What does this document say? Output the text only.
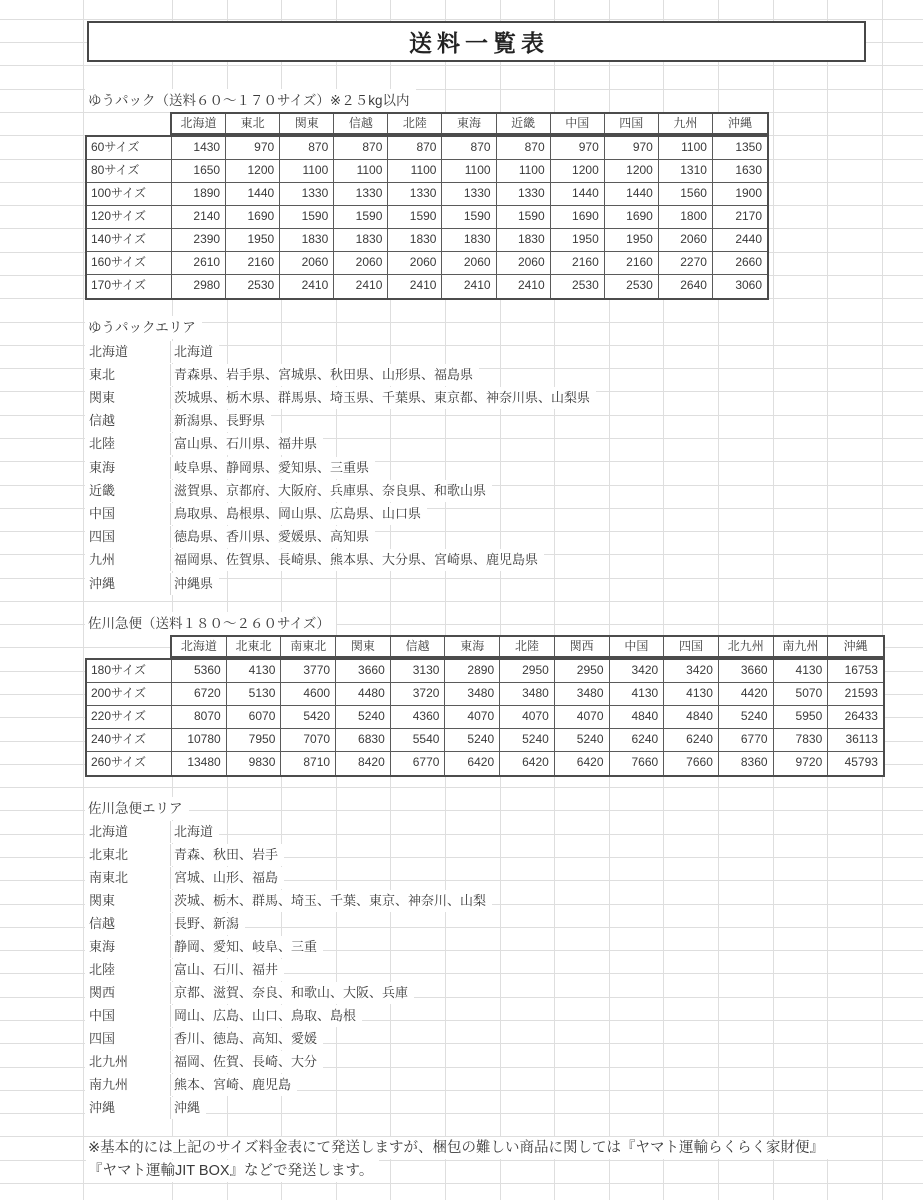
送料一覧表
ゆうパック（送料６０～１７０サイズ）※２５kg以内
北海道	東北	関東	信越	北陸	東海	近畿	中国	四国	九州	沖縄
60サイズ	1430	970	870	870	870	870	870	970	970	1100	1350
80サイズ	1650	1200	1100	1100	1100	1100	1100	1200	1200	1310	1630
100サイズ	1890	1440	1330	1330	1330	1330	1330	1440	1440	1560	1900
120サイズ	2140	1690	1590	1590	1590	1590	1590	1690	1690	1800	2170
140サイズ	2390	1950	1830	1830	1830	1830	1830	1950	1950	2060	2440
160サイズ	2610	2160	2060	2060	2060	2060	2060	2160	2160	2270	2660
170サイズ	2980	2530	2410	2410	2410	2410	2410	2530	2530	2640	3060
ゆうパックエリア
北海道	北海道
東北	青森県、岩手県、宮城県、秋田県、山形県、福島県
関東	茨城県、栃木県、群馬県、埼玉県、千葉県、東京都、神奈川県、山梨県
信越	新潟県、長野県
北陸	富山県、石川県、福井県
東海	岐阜県、静岡県、愛知県、三重県
近畿	滋賀県、京都府、大阪府、兵庫県、奈良県、和歌山県
中国	鳥取県、島根県、岡山県、広島県、山口県
四国	徳島県、香川県、愛媛県、高知県
九州	福岡県、佐賀県、長崎県、熊本県、大分県、宮崎県、鹿児島県
沖縄	沖縄県
佐川急便（送料１８０～２６０サイズ）
北海道	北東北	南東北	関東	信越	東海	北陸	関西	中国	四国	北九州	南九州	沖縄
180サイズ	5360	4130	3770	3660	3130	2890	2950	2950	3420	3420	3660	4130	16753
200サイズ	6720	5130	4600	4480	3720	3480	3480	3480	4130	4130	4420	5070	21593
220サイズ	8070	6070	5420	5240	4360	4070	4070	4070	4840	4840	5240	5950	26433
240サイズ	10780	7950	7070	6830	5540	5240	5240	5240	6240	6240	6770	7830	36113
260サイズ	13480	9830	8710	8420	6770	6420	6420	6420	7660	7660	8360	9720	45793
佐川急便エリア
北海道	北海道
北東北	青森、秋田、岩手
南東北	宮城、山形、福島
関東	茨城、栃木、群馬、埼玉、千葉、東京、神奈川、山梨
信越	長野、新潟
東海	静岡、愛知、岐阜、三重
北陸	富山、石川、福井
関西	京都、滋賀、奈良、和歌山、大阪、兵庫
中国	岡山、広島、山口、鳥取、島根
四国	香川、徳島、高知、愛媛
北九州	福岡、佐賀、長崎、大分
南九州	熊本、宮崎、鹿児島
沖縄	沖縄
※基本的には上記のサイズ料金表にて発送しますが、梱包の難しい商品に関しては『ヤマト運輸らくらく家財便』
『ヤマト運輸JIT BOX』などで発送します。
